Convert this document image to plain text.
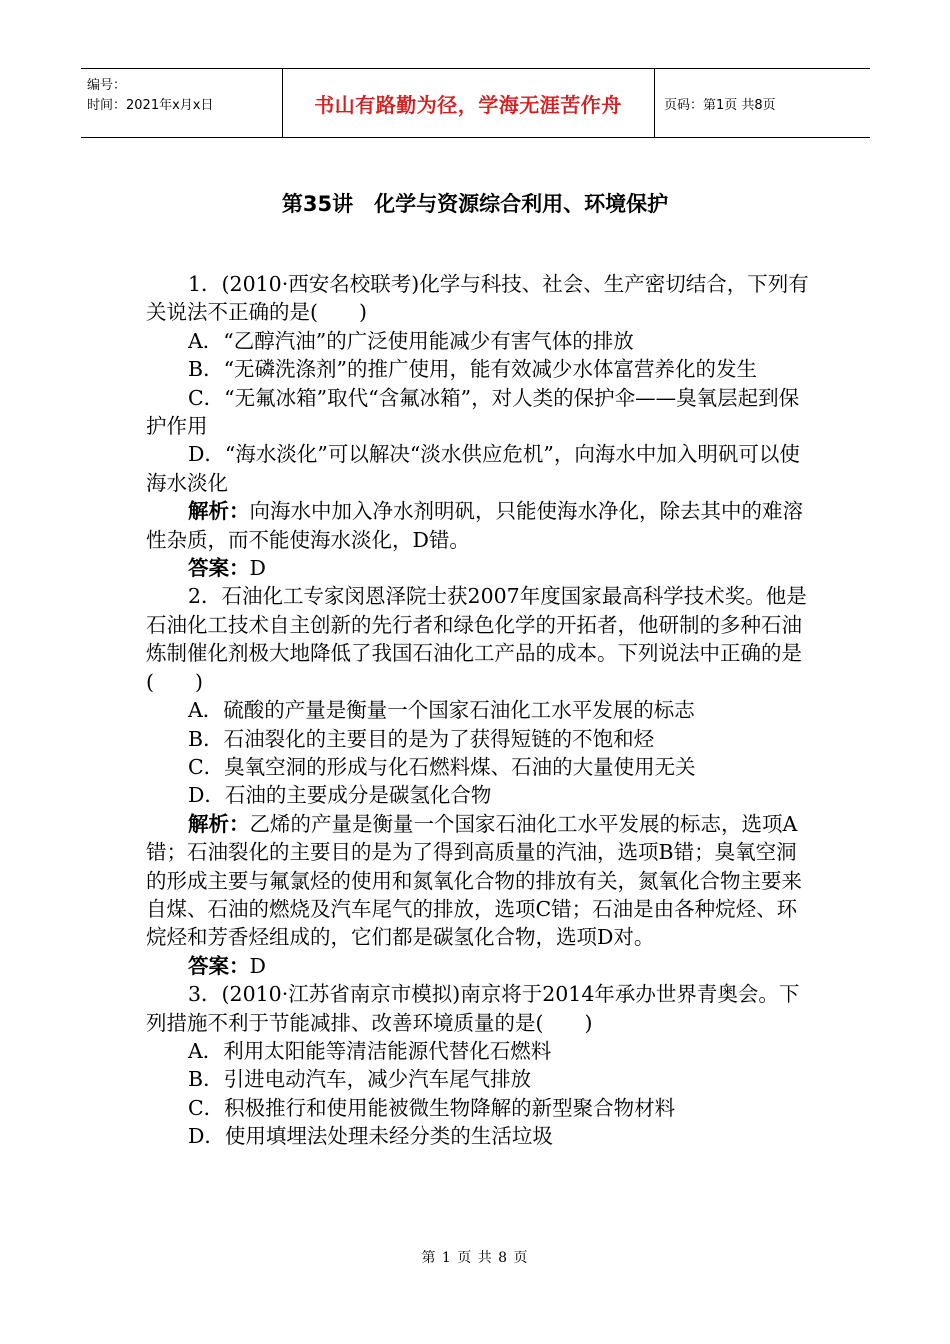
编号：
时间：2021年x月x日	书山有路勤为径，学海无涯苦作舟	页码：第1页 共8页
第35讲　化学与资源综合利用、环境保护

1．(2010·西安名校联考)化学与科技、社会、生产密切结合，下列有关说法不正确的是(　　)

A．“乙醇汽油”的广泛使用能减少有害气体的排放

B．“无磷洗涤剂”的推广使用，能有效减少水体富营养化的发生

C．“无氟冰箱”取代“含氟冰箱”，对人类的保护伞——臭氧层起到保护作用

D．“海水淡化”可以解决“淡水供应危机”，向海水中加入明矾可以使海水淡化

解析：向海水中加入净水剂明矾，只能使海水净化，除去其中的难溶性杂质，而不能使海水淡化，D错。

答案：D

2．石油化工专家闵恩泽院士获2007年度国家最高科学技术奖。他是石油化工技术自主创新的先行者和绿色化学的开拓者，他研制的多种石油炼制催化剂极大地降低了我国石油化工产品的成本。下列说法中正确的是(　　)

A．硫酸的产量是衡量一个国家石油化工水平发展的标志

B．石油裂化的主要目的是为了获得短链的不饱和烃

C．臭氧空洞的形成与化石燃料煤、石油的大量使用无关

D．石油的主要成分是碳氢化合物

解析：乙烯的产量是衡量一个国家石油化工水平发展的标志，选项A错；石油裂化的主要目的是为了得到高质量的汽油，选项B错；臭氧空洞的形成主要与氟氯烃的使用和氮氧化合物的排放有关，氮氧化合物主要来自煤、石油的燃烧及汽车尾气的排放，选项C错；石油是由各种烷烃、环烷烃和芳香烃组成的，它们都是碳氢化合物，选项D对。

答案：D

3．(2010·江苏省南京市模拟)南京将于2014年承办世界青奥会。下列措施不利于节能减排、改善环境质量的是(　　)

A．利用太阳能等清洁能源代替化石燃料

B．引进电动汽车，减少汽车尾气排放

C．积极推行和使用能被微生物降解的新型聚合物材料

D．使用填埋法处理未经分类的生活垃圾

第 1 页 共 8 页
